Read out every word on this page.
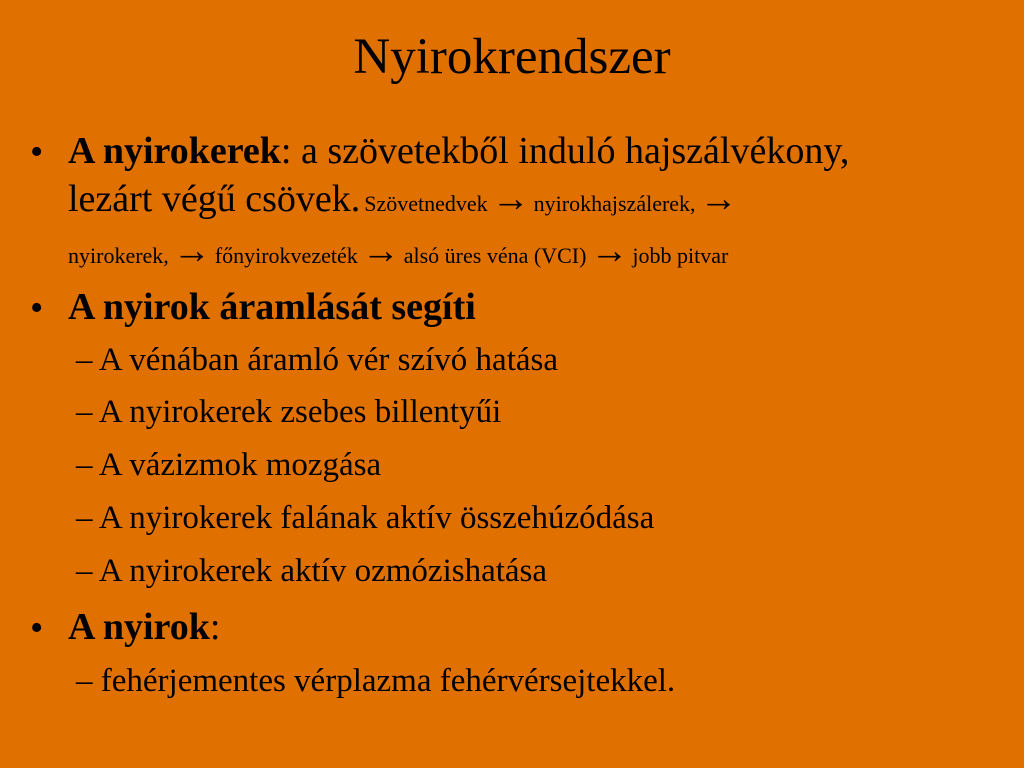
Nyirokrendszer
• A nyirokerek: a szövetekből induló hajszálvékony,
lezárt végű csövek. Szövetnedvek → nyirokhajszálerek, →
nyirokerek, → főnyirokvezeték → alsó üres véna (VCI) → jobb pitvar
• A nyirok áramlását segíti
– A vénában áramló vér szívó hatása
– A nyirokerek zsebes billentyűi
– A vázizmok mozgása
– A nyirokerek falának aktív összehúzódása
– A nyirokerek aktív ozmózishatása
• A nyirok:
– fehérjementes vérplazma fehérvérsejtekkel.
